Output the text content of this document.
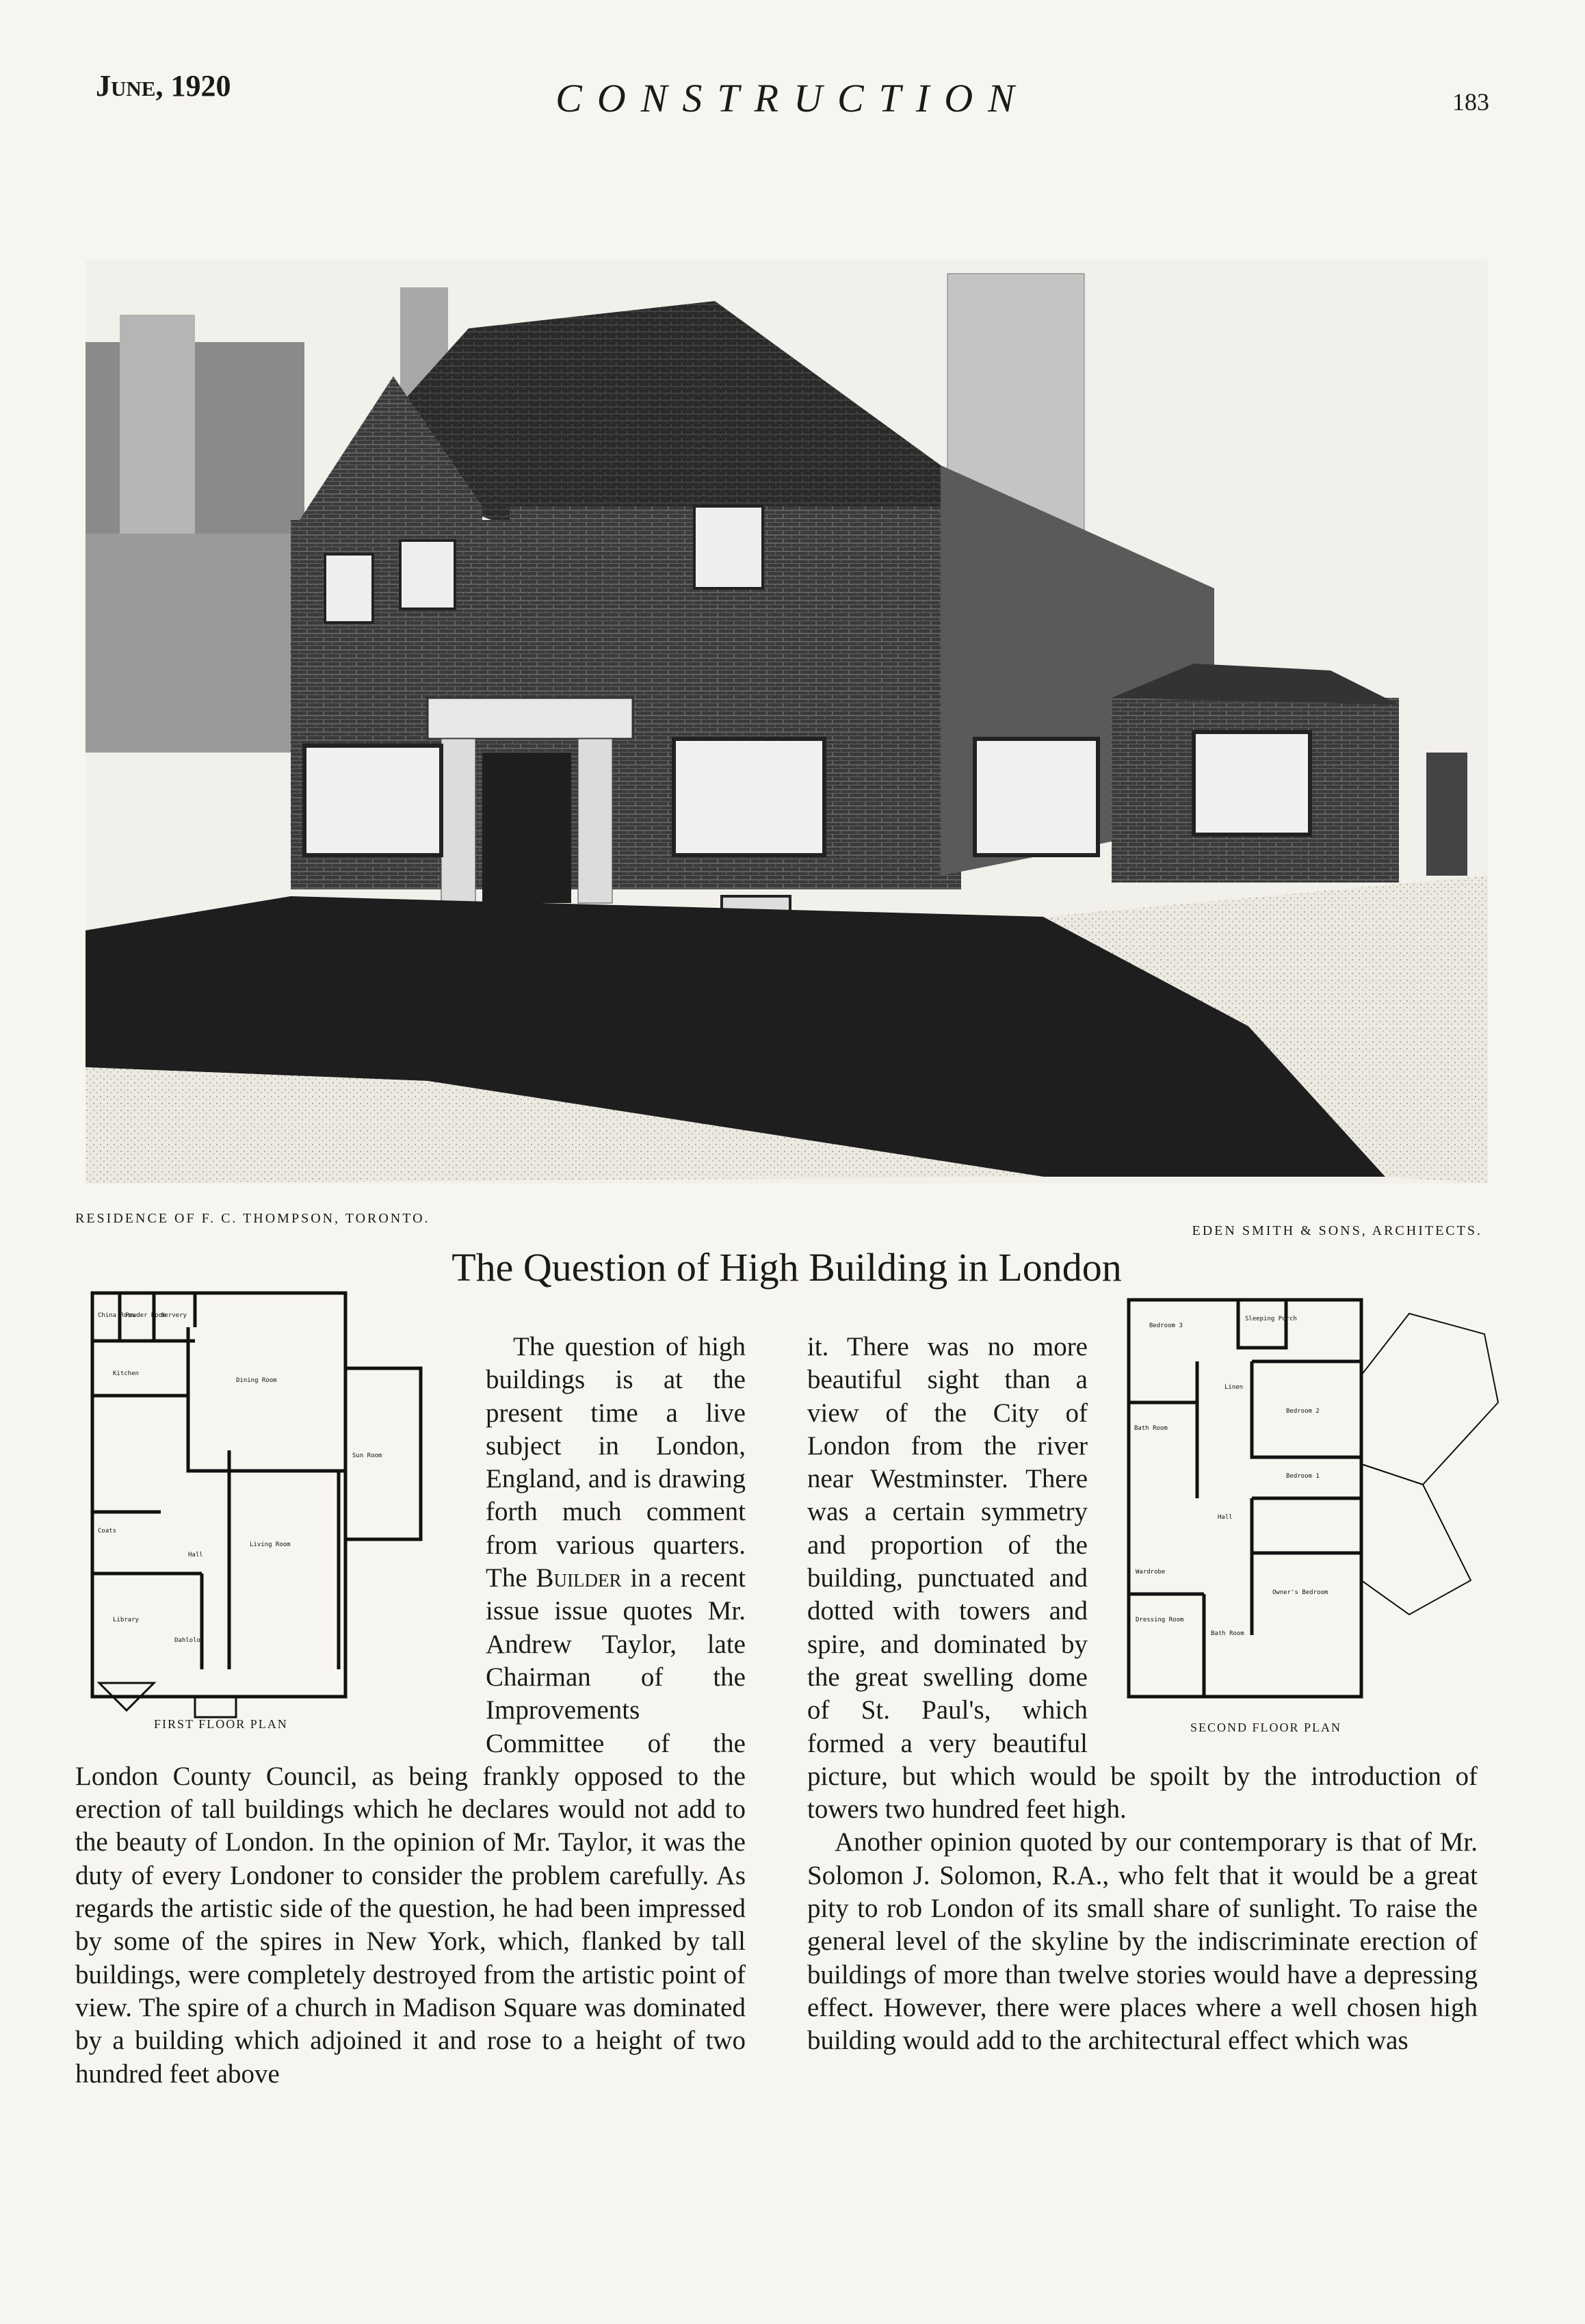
June, 1920	CONSTRUCTION	183
RESIDENCE OF F. C. THOMPSON, TORONTO.
EDEN SMITH & SONS, ARCHITECTS.
The Question of High Building in London
China Room
Powder Room
Servery
Kitchen
Dining Room
Sun Room
Coats
Hall
Living Room
Library
Dahlolo
FIRST FLOOR PLAN
Bedroom 3
Sleeping Porch
Linen
Bedroom 2
Bath Room
Bedroom 1
Hall
Wardrobe
Dressing Room
Bath Room
Owner's Bedroom
SECOND FLOOR PLAN

The question of high buildings is at the present time a live subject in London, England, and is drawing forth much comment from various quarters. The Builder in a recent issue issue quotes Mr. Andrew Taylor, late Chairman of the Improvements Committee of the London County Council, as being frankly opposed to the erection of tall buildings which he declares would not add to the beauty of London. In the opinion of Mr. Taylor, it was the duty of every Londoner to consider the problem carefully. As regards the artistic side of the question, he had been impressed by some of the spires in New York, which, flanked by tall buildings, were completely destroyed from the artistic point of view. The spire of a church in Madison Square was dominated by a building which adjoined it and rose to a height of two hundred feet above

it. There was no more beautiful sight than a view of the City of London from the river near Westminster. There was a certain symmetry and proportion of the building, punctuated and dotted with towers and spire, and dominated by the great swelling dome of St. Paul's, which formed a very beautiful picture, but which would be spoilt by the introduction of towers two hundred feet high.

Another opinion quoted by our contemporary is that of Mr. Solomon J. Solomon, R.A., who felt that it would be a great pity to rob London of its small share of sunlight. To raise the general level of the skyline by the indiscriminate erection of buildings of more than twelve stories would have a depressing effect. However, there were places where a well chosen high building would add to the architectural effect which was
